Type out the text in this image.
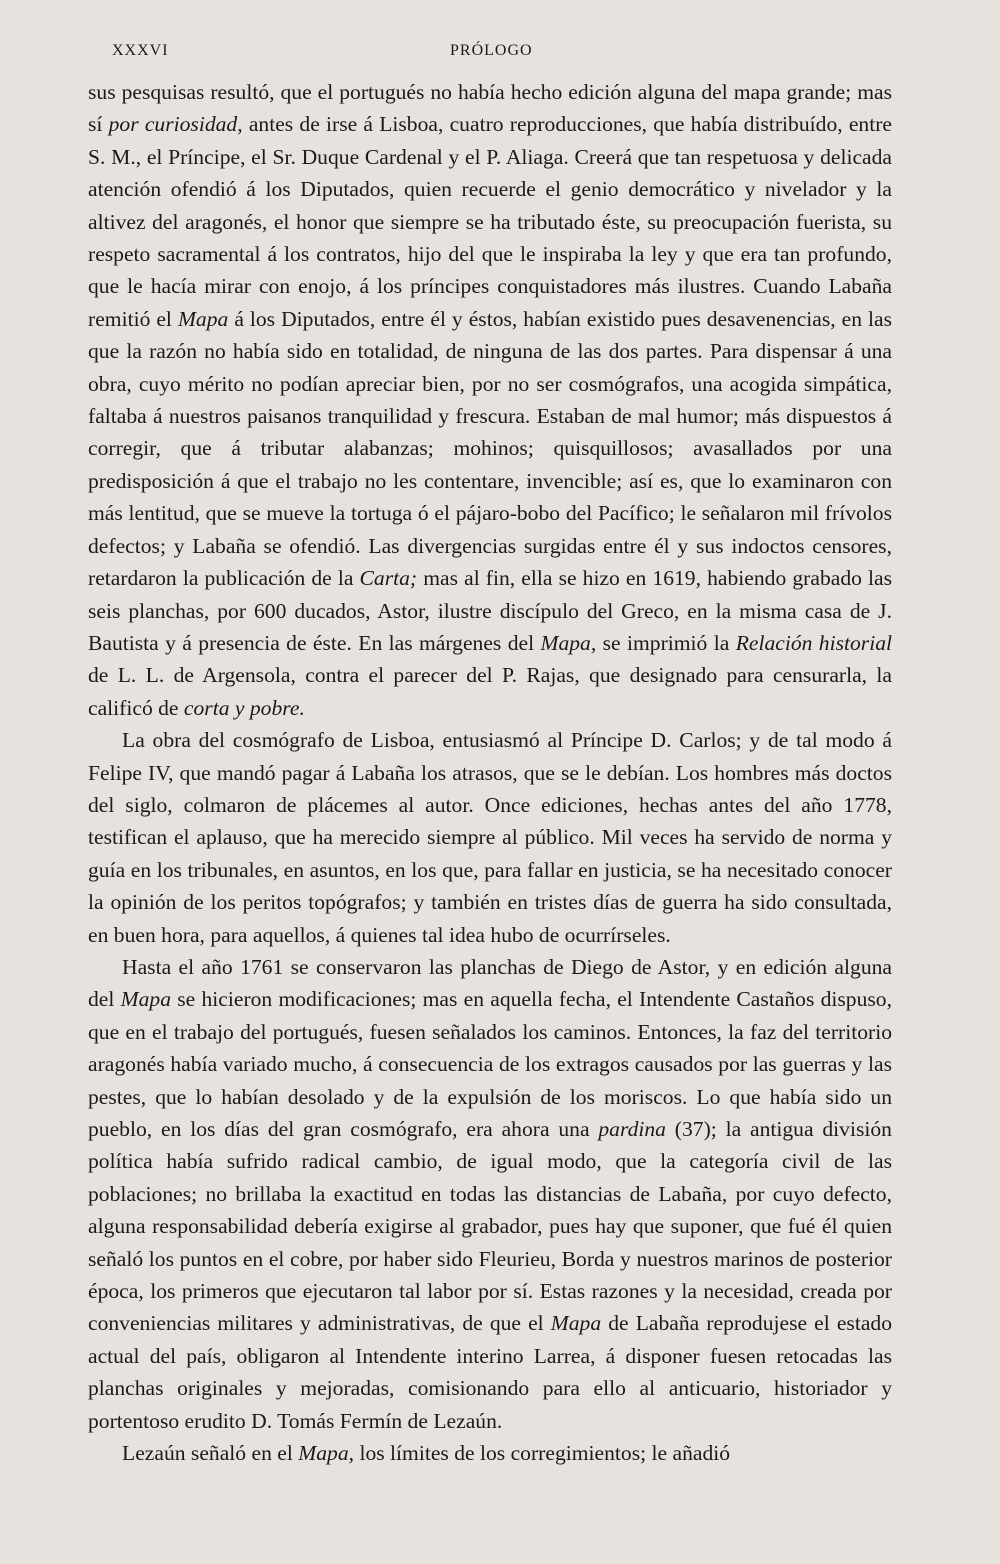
XXXVI	PRÓLOGO

sus pesquisas resultó, que el portugués no había hecho edición alguna del mapa grande; mas sí por curiosidad, antes de irse á Lisboa, cuatro reproducciones, que había distribuído, entre S. M., el Príncipe, el Sr. Duque Cardenal y el P. Aliaga. Creerá que tan respetuosa y delicada atención ofendió á los Diputados, quien recuerde el genio democrático y nivelador y la altivez del aragonés, el honor que siempre se ha tributado éste, su preocupación fuerista, su respeto sacramental á los contratos, hijo del que le inspiraba la ley y que era tan profundo, que le hacía mirar con enojo, á los príncipes conquistadores más ilustres. Cuando Labaña remitió el Mapa á los Diputados, entre él y éstos, habían existido pues desavenencias, en las que la razón no había sido en totalidad, de ninguna de las dos partes. Para dispensar á una obra, cuyo mérito no podían apreciar bien, por no ser cosmógrafos, una acogida simpática, faltaba á nuestros paisanos tranquilidad y frescura. Estaban de mal humor; más dispuestos á corregir, que á tributar alabanzas; mohinos; quisquillosos; avasallados por una predisposición á que el trabajo no les contentare, invencible; así es, que lo examinaron con más lentitud, que se mueve la tortuga ó el pájaro-bobo del Pacífico; le señalaron mil frívolos defectos; y Labaña se ofendió. Las divergencias surgidas entre él y sus indoctos censores, retardaron la publicación de la Carta; mas al fin, ella se hizo en 1619, habiendo grabado las seis planchas, por 600 ducados, Astor, ilustre discípulo del Greco, en la misma casa de J. Bautista y á presencia de éste. En las márgenes del Mapa, se imprimió la Relación historial de L. L. de Argensola, contra el parecer del P. Rajas, que designado para censurarla, la calificó de corta y pobre.

La obra del cosmógrafo de Lisboa, entusiasmó al Príncipe D. Carlos; y de tal modo á Felipe IV, que mandó pagar á Labaña los atrasos, que se le debían. Los hombres más doctos del siglo, colmaron de plácemes al autor. Once ediciones, hechas antes del año 1778, testifican el aplauso, que ha merecido siempre al público. Mil veces ha servido de norma y guía en los tribunales, en asuntos, en los que, para fallar en justicia, se ha necesitado conocer la opinión de los peritos topógrafos; y también en tristes días de guerra ha sido consultada, en buen hora, para aquellos, á quienes tal idea hubo de ocurrírseles.

Hasta el año 1761 se conservaron las planchas de Diego de Astor, y en edición alguna del Mapa se hicieron modificaciones; mas en aquella fecha, el Intendente Castaños dispuso, que en el trabajo del portugués, fuesen señalados los caminos. Entonces, la faz del territorio aragonés había variado mucho, á consecuencia de los extragos causados por las guerras y las pestes, que lo habían desolado y de la expulsión de los moriscos. Lo que había sido un pueblo, en los días del gran cosmógrafo, era ahora una pardina (37); la antigua división política había sufrido radical cambio, de igual modo, que la categoría civil de las poblaciones; no brillaba la exactitud en todas las distancias de Labaña, por cuyo defecto, alguna responsabilidad debería exigirse al grabador, pues hay que suponer, que fué él quien señaló los puntos en el cobre, por haber sido Fleurieu, Borda y nuestros marinos de posterior época, los primeros que ejecutaron tal labor por sí. Estas razones y la necesidad, creada por conveniencias militares y administrativas, de que el Mapa de Labaña reprodujese el estado actual del país, obligaron al Intendente interino Larrea, á disponer fuesen retocadas las planchas originales y mejoradas, comisionando para ello al anticuario, historiador y portentoso erudito D. Tomás Fermín de Lezaún.

Lezaún señaló en el Mapa, los límites de los corregimientos; le añadió
